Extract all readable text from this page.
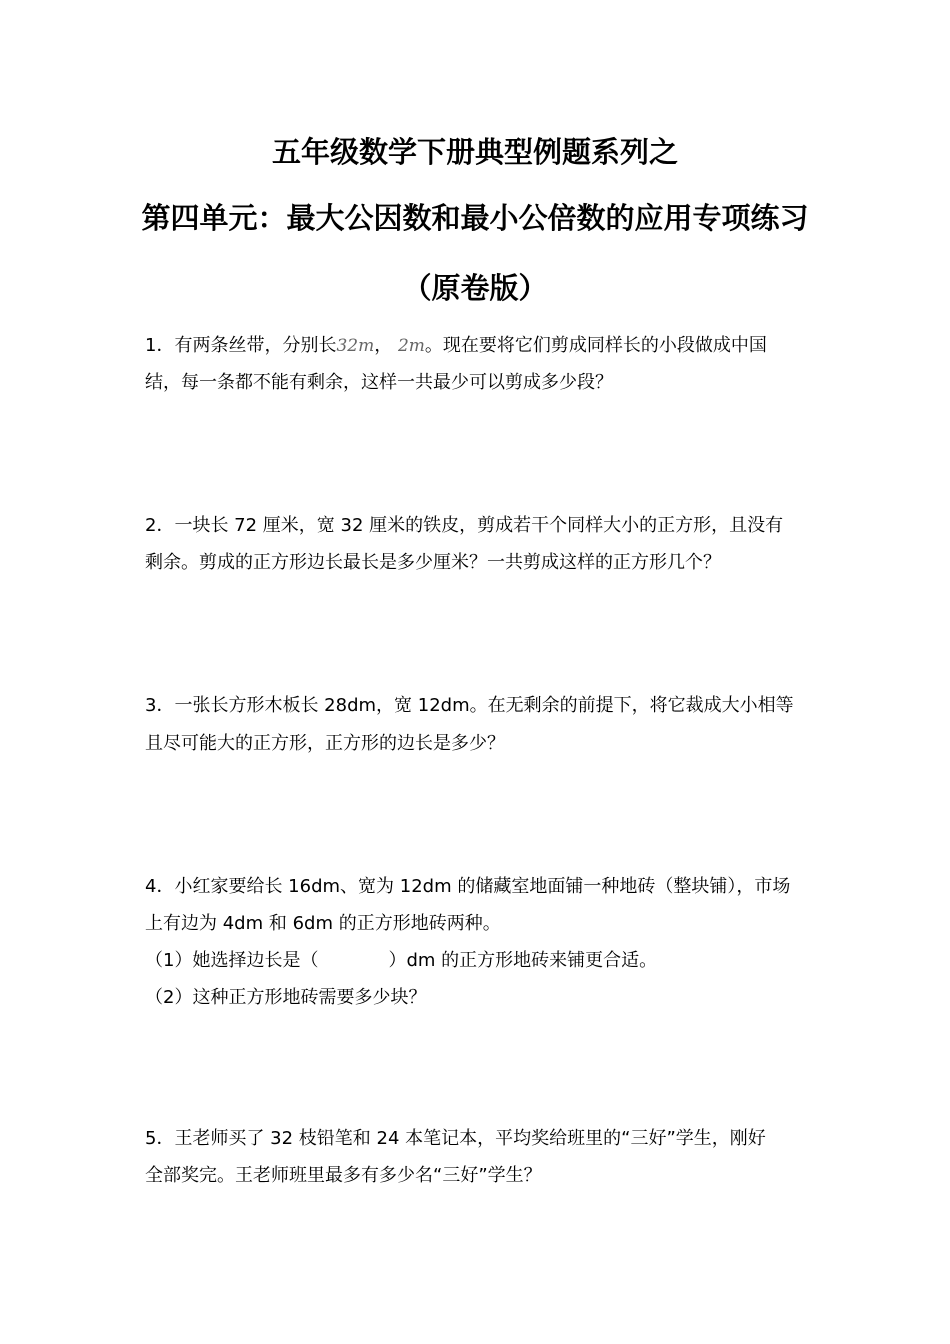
五年级数学下册典型例题系列之
第四单元：最大公因数和最小公倍数的应用专项练习
（原卷版）
1．有两条丝带，分别长32m， 2m。现在要将它们剪成同样长的小段做成中国
结，每一条都不能有剩余，这样一共最少可以剪成多少段？
2．一块长 72 厘米，宽 32 厘米的铁皮，剪成若干个同样大小的正方形，且没有
剩余。剪成的正方形边长最长是多少厘米？一共剪成这样的正方形几个？
3．一张长方形木板长 28dm，宽 12dm。在无剩余的前提下，将它裁成大小相等
且尽可能大的正方形，正方形的边长是多少？
4．小红家要给长 16dm、宽为 12dm 的储藏室地面铺一种地砖（整块铺），市场
上有边为 4dm 和 6dm 的正方形地砖两种。
（1）她选择边长是（	）dm 的正方形地砖来铺更合适。
（2）这种正方形地砖需要多少块？
5．王老师买了 32 枝铅笔和 24 本笔记本，平均奖给班里的“三好”学生，刚好
全部奖完。王老师班里最多有多少名“三好”学生？
